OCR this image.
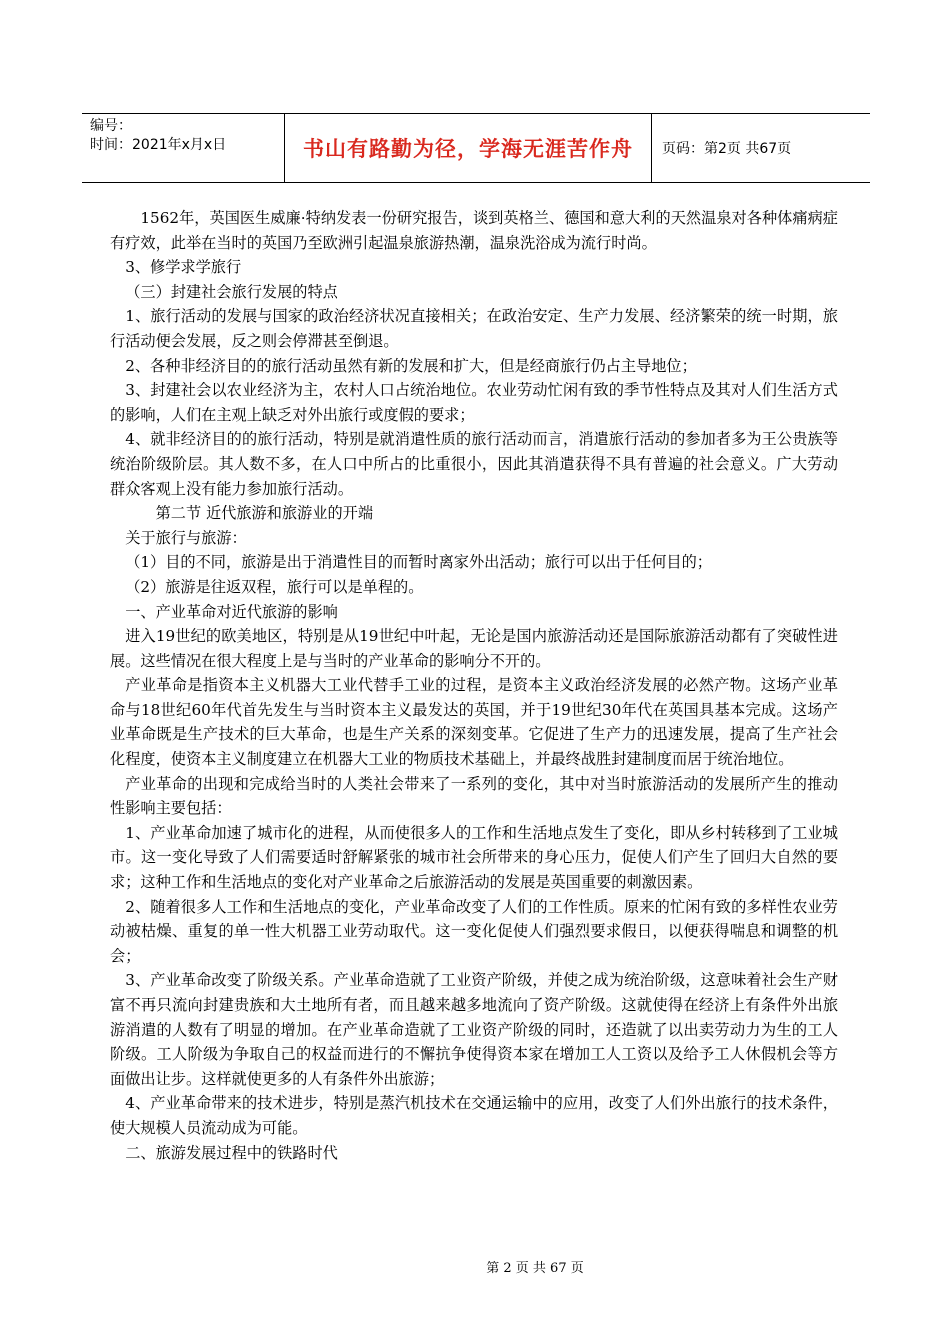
编号：
时间：2021年x月x日	书山有路勤为径，学海无涯苦作舟	页码：第2页 共67页

1562年，英国医生威廉·特纳发表一份研究报告，谈到英格兰、德国和意大利的天然温泉对各种体痛病症有疗效，此举在当时的英国乃至欧洲引起温泉旅游热潮，温泉洗浴成为流行时尚。

3、修学求学旅行

（三）封建社会旅行发展的特点

1、旅行活动的发展与国家的政治经济状况直接相关；在政治安定、生产力发展、经济繁荣的统一时期，旅行活动便会发展，反之则会停滞甚至倒退。

2、各种非经济目的的旅行活动虽然有新的发展和扩大，但是经商旅行仍占主导地位；

3、封建社会以农业经济为主，农村人口占统治地位。农业劳动忙闲有致的季节性特点及其对人们生活方式的影响，人们在主观上缺乏对外出旅行或度假的要求；

4、就非经济目的的旅行活动，特别是就消遣性质的旅行活动而言，消遣旅行活动的参加者多为王公贵族等统治阶级阶层。其人数不多，在人口中所占的比重很小，因此其消遣获得不具有普遍的社会意义。广大劳动群众客观上没有能力参加旅行活动。

第二节 近代旅游和旅游业的开端

关于旅行与旅游：

（1）目的不同，旅游是出于消遣性目的而暂时离家外出活动；旅行可以出于任何目的；

（2）旅游是往返双程，旅行可以是单程的。

一、产业革命对近代旅游的影响

进入19世纪的欧美地区，特别是从19世纪中叶起，无论是国内旅游活动还是国际旅游活动都有了突破性进展。这些情况在很大程度上是与当时的产业革命的影响分不开的。

产业革命是指资本主义机器大工业代替手工业的过程，是资本主义政治经济发展的必然产物。这场产业革命与18世纪60年代首先发生与当时资本主义最发达的英国，并于19世纪30年代在英国具基本完成。这场产业革命既是生产技术的巨大革命，也是生产关系的深刻变革。它促进了生产力的迅速发展，提高了生产社会化程度，使资本主义制度建立在机器大工业的物质技术基础上，并最终战胜封建制度而居于统治地位。

产业革命的出现和完成给当时的人类社会带来了一系列的变化，其中对当时旅游活动的发展所产生的推动性影响主要包括：

1、产业革命加速了城市化的进程，从而使很多人的工作和生活地点发生了变化，即从乡村转移到了工业城市。这一变化导致了人们需要适时舒解紧张的城市社会所带来的身心压力，促使人们产生了回归大自然的要求；这种工作和生活地点的变化对产业革命之后旅游活动的发展是英国重要的刺激因素。

2、随着很多人工作和生活地点的变化，产业革命改变了人们的工作性质。原来的忙闲有致的多样性农业劳动被枯燥、重复的单一性大机器工业劳动取代。这一变化促使人们强烈要求假日，以便获得喘息和调整的机会；

3、产业革命改变了阶级关系。产业革命造就了工业资产阶级，并使之成为统治阶级，这意味着社会生产财富不再只流向封建贵族和大土地所有者，而且越来越多地流向了资产阶级。这就使得在经济上有条件外出旅游消遣的人数有了明显的增加。在产业革命造就了工业资产阶级的同时，还造就了以出卖劳动力为生的工人阶级。工人阶级为争取自己的权益而进行的不懈抗争使得资本家在增加工人工资以及给予工人休假机会等方面做出让步。这样就使更多的人有条件外出旅游；

4、产业革命带来的技术进步，特别是蒸汽机技术在交通运输中的应用，改变了人们外出旅行的技术条件，使大规模人员流动成为可能。

二、旅游发展过程中的铁路时代

第 2 页 共 67 页
